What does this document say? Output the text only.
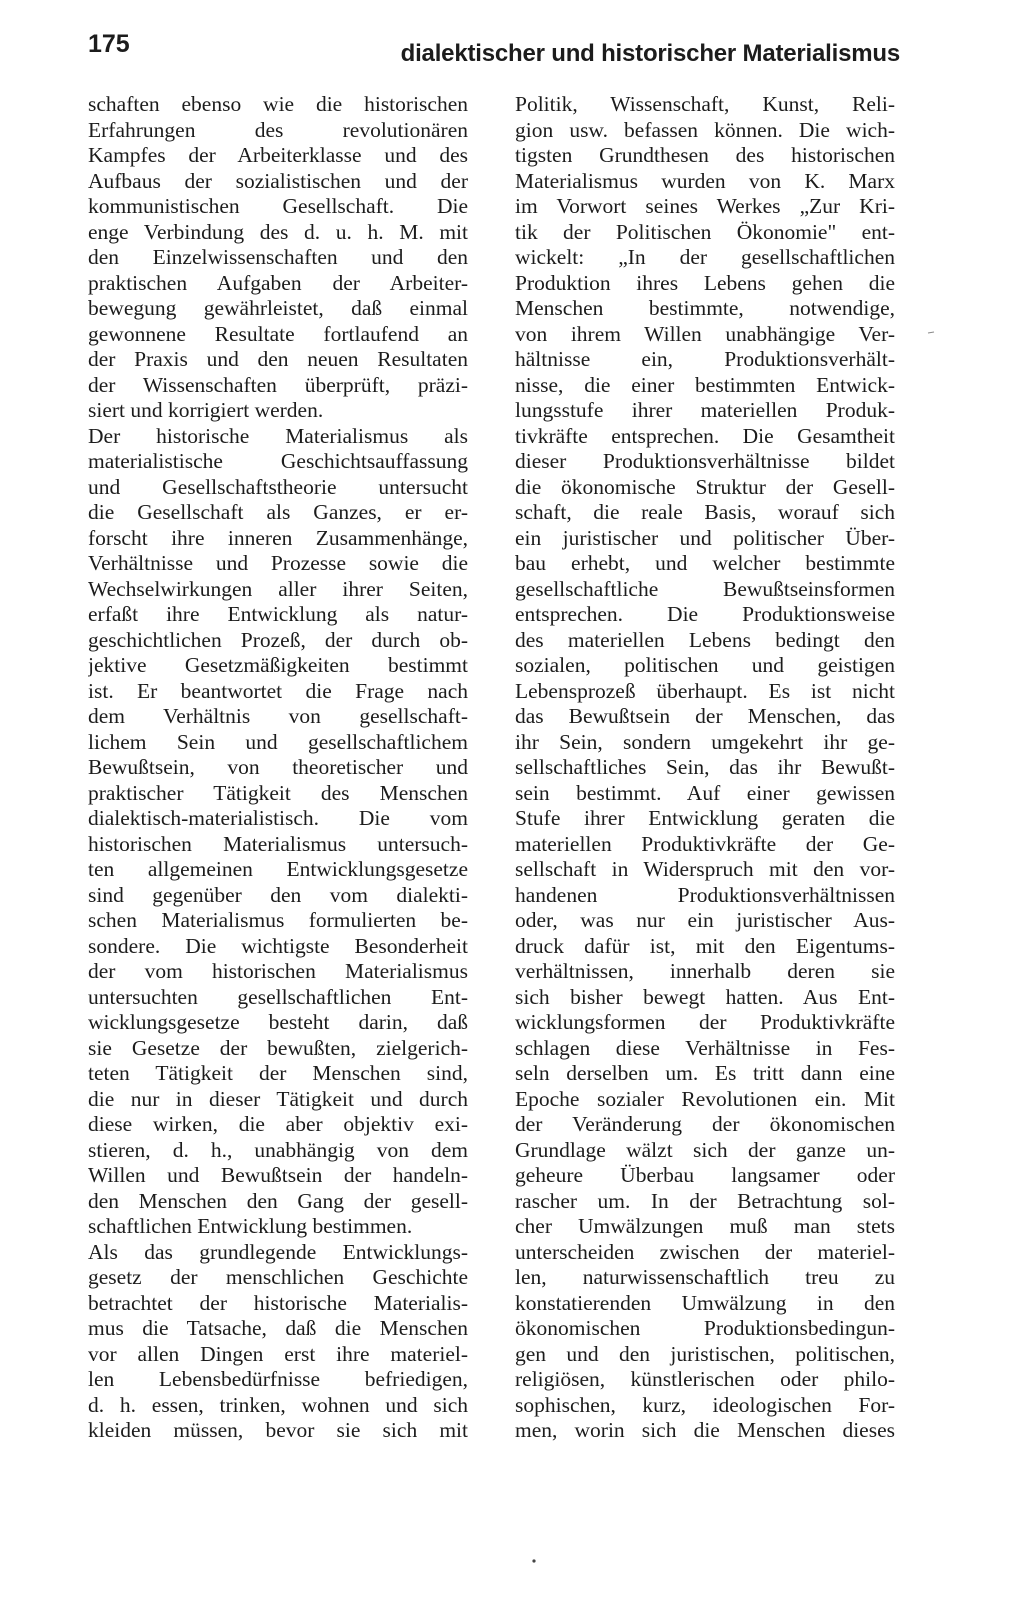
175	dialektischer und historischer Materialismus
schaften ebenso wie die historischen
Erfahrungen des revolutionären
Kampfes der Arbeiterklasse und des
Aufbaus der sozialistischen und der
kommunistischen Gesellschaft. Die
enge Verbindung des d. u. h. M. mit
den Einzelwissenschaften und den
praktischen Aufgaben der Arbeiter-
bewegung gewährleistet, daß einmal
gewonnene Resultate fortlaufend an
der Praxis und den neuen Resultaten
der Wissenschaften überprüft, präzi-
siert und korrigiert werden.
Der historische Materialismus als
materialistische Geschichtsauffassung
und Gesellschaftstheorie untersucht
die Gesellschaft als Ganzes, er er-
forscht ihre inneren Zusammenhänge,
Verhältnisse und Prozesse sowie die
Wechselwirkungen aller ihrer Seiten,
erfaßt ihre Entwicklung als natur-
geschichtlichen Prozeß, der durch ob-
jektive Gesetzmäßigkeiten bestimmt
ist. Er beantwortet die Frage nach
dem Verhältnis von gesellschaft-
lichem Sein und gesellschaftlichem
Bewußtsein, von theoretischer und
praktischer Tätigkeit des Menschen
dialektisch-materialistisch. Die vom
historischen Materialismus untersuch-
ten allgemeinen Entwicklungsgesetze
sind gegenüber den vom dialekti-
schen Materialismus formulierten be-
sondere. Die wichtigste Besonderheit
der vom historischen Materialismus
untersuchten gesellschaftlichen Ent-
wicklungsgesetze besteht darin, daß
sie Gesetze der bewußten, zielgerich-
teten Tätigkeit der Menschen sind,
die nur in dieser Tätigkeit und durch
diese wirken, die aber objektiv exi-
stieren, d. h., unabhängig von dem
Willen und Bewußtsein der handeln-
den Menschen den Gang der gesell-
schaftlichen Entwicklung bestimmen.
Als das grundlegende Entwicklungs-
gesetz der menschlichen Geschichte
betrachtet der historische Materialis-
mus die Tatsache, daß die Menschen
vor allen Dingen erst ihre materiel-
len Lebensbedürfnisse befriedigen,
d. h. essen, trinken, wohnen und sich
kleiden müssen, bevor sie sich mit
Politik, Wissenschaft, Kunst, Reli-
gion usw. befassen können. Die wich-
tigsten Grundthesen des historischen
Materialismus wurden von K. Marx
im Vorwort seines Werkes „Zur Kri-
tik der Politischen Ökonomie" ent-
wickelt: „In der gesellschaftlichen
Produktion ihres Lebens gehen die
Menschen bestimmte, notwendige,
von ihrem Willen unabhängige Ver-
hältnisse ein, Produktionsverhält-
nisse, die einer bestimmten Entwick-
lungsstufe ihrer materiellen Produk-
tivkräfte entsprechen. Die Gesamtheit
dieser Produktionsverhältnisse bildet
die ökonomische Struktur der Gesell-
schaft, die reale Basis, worauf sich
ein juristischer und politischer Über-
bau erhebt, und welcher bestimmte
gesellschaftliche Bewußtseinsformen
entsprechen. Die Produktionsweise
des materiellen Lebens bedingt den
sozialen, politischen und geistigen
Lebensprozeß überhaupt. Es ist nicht
das Bewußtsein der Menschen, das
ihr Sein, sondern umgekehrt ihr ge-
sellschaftliches Sein, das ihr Bewußt-
sein bestimmt. Auf einer gewissen
Stufe ihrer Entwicklung geraten die
materiellen Produktivkräfte der Ge-
sellschaft in Widerspruch mit den vor-
handenen Produktionsverhältnissen
oder, was nur ein juristischer Aus-
druck dafür ist, mit den Eigentums-
verhältnissen, innerhalb deren sie
sich bisher bewegt hatten. Aus Ent-
wicklungsformen der Produktivkräfte
schlagen diese Verhältnisse in Fes-
seln derselben um. Es tritt dann eine
Epoche sozialer Revolutionen ein. Mit
der Veränderung der ökonomischen
Grundlage wälzt sich der ganze un-
geheure Überbau langsamer oder
rascher um. In der Betrachtung sol-
cher Umwälzungen muß man stets
unterscheiden zwischen der materiel-
len, naturwissenschaftlich treu zu
konstatierenden Umwälzung in den
ökonomischen Produktionsbedingun-
gen und den juristischen, politischen,
religiösen, künstlerischen oder philo-
sophischen, kurz, ideologischen For-
men, worin sich die Menschen dieses
